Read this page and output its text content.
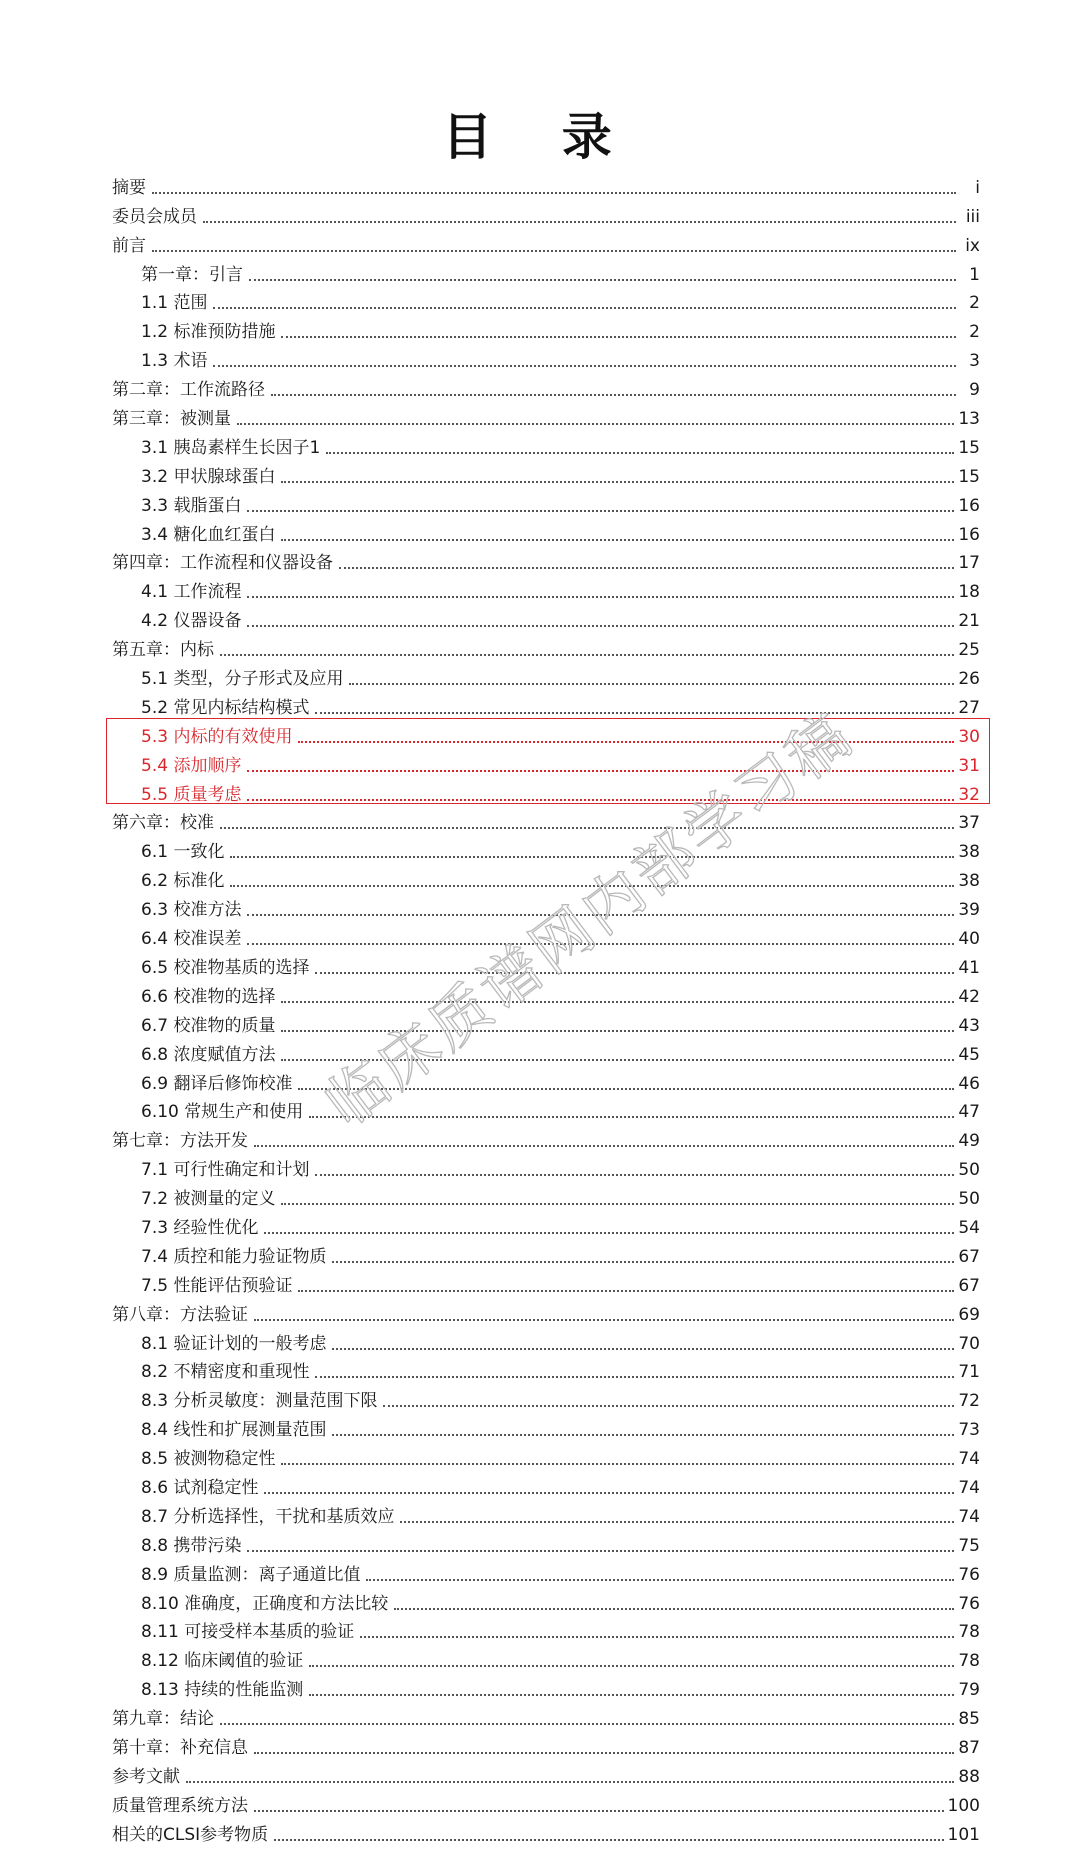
目 录
摘要	i
委员会成员	iii
前言	ix
第一章：引言	1
1.1 范围	2
1.2 标准预防措施	2
1.3 术语	3
第二章：工作流路径	9
第三章：被测量	13
3.1 胰岛素样生长因子1	15
3.2 甲状腺球蛋白	15
3.3 载脂蛋白	16
3.4 糖化血红蛋白	16
第四章：工作流程和仪器设备	17
4.1 工作流程	18
4.2 仪器设备	21
第五章：内标	25
5.1 类型，分子形式及应用	26
5.2 常见内标结构模式	27
5.3 内标的有效使用	30
5.4 添加顺序	31
5.5 质量考虑	32
第六章：校准	37
6.1 一致化	38
6.2 标准化	38
6.3 校准方法	39
6.4 校准误差	40
6.5 校准物基质的选择	41
6.6 校准物的选择	42
6.7 校准物的质量	43
6.8 浓度赋值方法	45
6.9 翻译后修饰校准	46
6.10 常规生产和使用	47
第七章：方法开发	49
7.1 可行性确定和计划	50
7.2 被测量的定义	50
7.3 经验性优化	54
7.4 质控和能力验证物质	67
7.5 性能评估预验证	67
第八章：方法验证	69
8.1 验证计划的一般考虑	70
8.2 不精密度和重现性	71
8.3 分析灵敏度：测量范围下限	72
8.4 线性和扩展测量范围	73
8.5 被测物稳定性	74
8.6 试剂稳定性	74
8.7 分析选择性，干扰和基质效应	74
8.8 携带污染	75
8.9 质量监测：离子通道比值	76
8.10 准确度，正确度和方法比较	76
8.11 可接受样本基质的验证	78
8.12 临床阈值的验证	78
8.13 持续的性能监测	79
第九章：结论	85
第十章：补充信息	87
参考文献	88
质量管理系统方法	100
相关的CLSI参考物质	101
临床质谱网内部学习稿
